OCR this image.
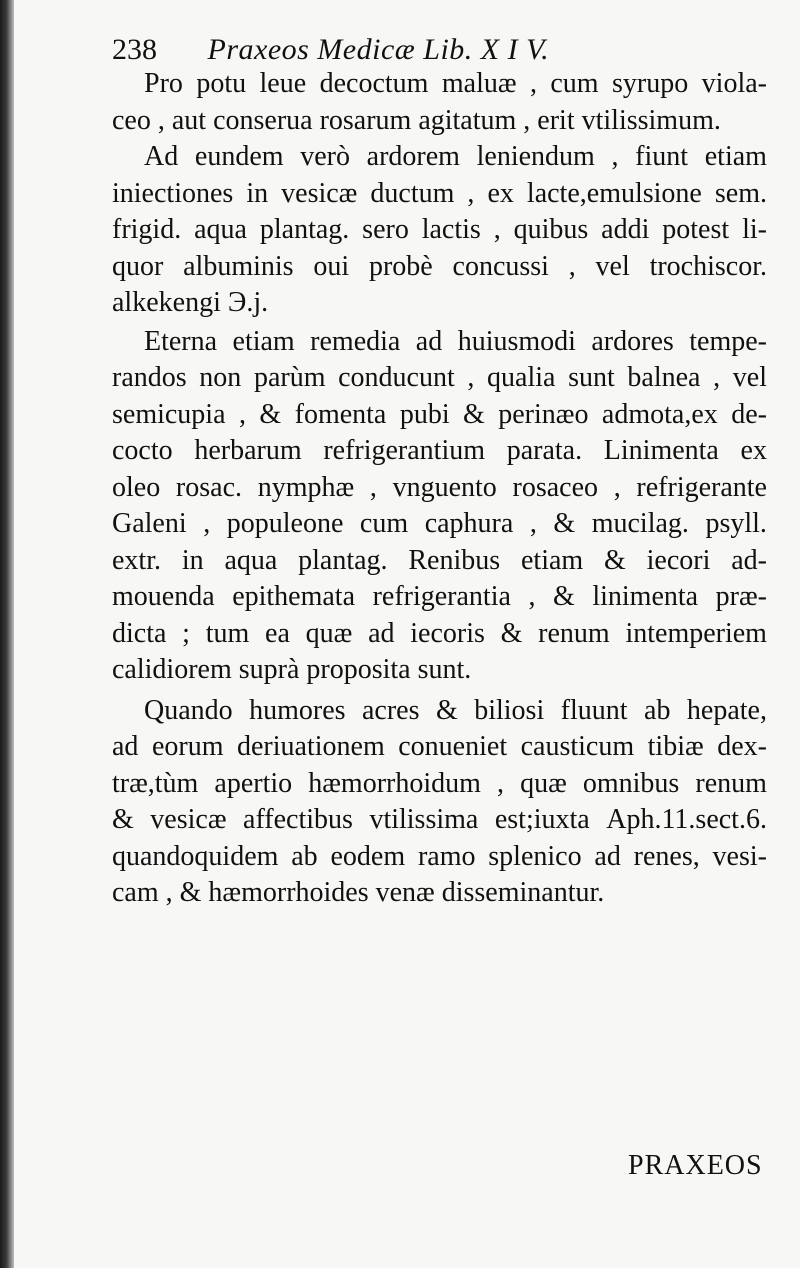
238 Praxeos Medicæ Lib. X I V.
Pro potu leue decoctum maluæ , cum syrupo viola-
ceo , aut conserua rosarum agitatum , erit vtilissimum.
Ad eundem verò ardorem leniendum , fiunt etiam
iniectiones in vesicæ ductum , ex lacte,emulsione sem.
frigid. aqua plantag. sero lactis , quibus addi potest li-
quor albuminis oui probè concussi , vel trochiscor.
alkekengi Э.j.
Eterna etiam remedia ad huiusmodi ardores tempe-
randos non parùm conducunt , qualia sunt balnea , vel
semicupia , & fomenta pubi & perinæo admota,ex de-
cocto herbarum refrigerantium parata. Linimenta ex
oleo rosac. nymphæ , vnguento rosaceo , refrigerante
Galeni , populeone cum caphura , & mucilag. psyll.
extr. in aqua plantag. Renibus etiam & iecori ad-
mouenda epithemata refrigerantia , & linimenta præ-
dicta ; tum ea quæ ad iecoris & renum intemperiem
calidiorem suprà proposita sunt.
Quando humores acres & biliosi fluunt ab hepate,
ad eorum deriuationem conueniet causticum tibiæ dex-
træ,tùm apertio hæmorrhoidum , quæ omnibus renum
& vesicæ affectibus vtilissima est;iuxta Aph.11.sect.6.
quandoquidem ab eodem ramo splenico ad renes, vesi-
cam , & hæmorrhoides venæ disseminantur.
PRAXEOS
